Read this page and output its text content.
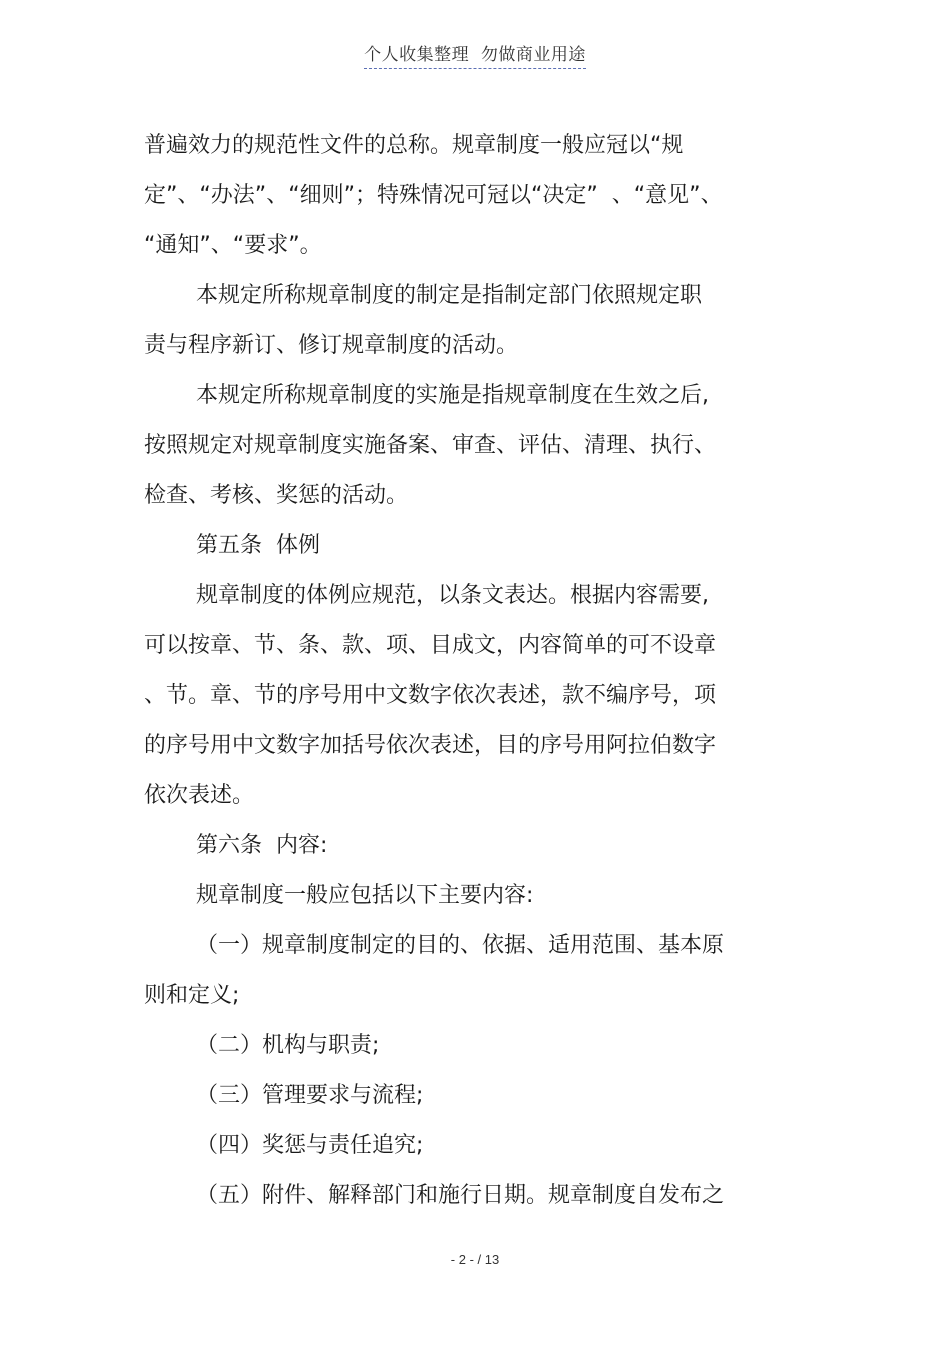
个人收集整理  勿做商业用途
普遍效力的规范性文件的总称。规章制度一般应冠以“规
定”、“办法”、“细则”；特殊情况可冠以“决定”  、“意见”、
“通知”、“要求”。
本规定所称规章制度的制定是指制定部门依照规定职
责与程序新订、修订规章制度的活动。
本规定所称规章制度的实施是指规章制度在生效之后,
按照规定对规章制度实施备案、审查、评估、清理、执行、
检查、考核、奖惩的活动。
第五条  体例
规章制度的体例应规范，以条文表达。根据内容需要,
可以按章、节、条、款、项、目成文，内容简单的可不设章
、节。章、节的序号用中文数字依次表述，款不编序号，项
的序号用中文数字加括号依次表述，目的序号用阿拉伯数字
依次表述。
第六条  内容:
规章制度一般应包括以下主要内容:
（一）规章制度制定的目的、依据、适用范围、基本原
则和定义;
（二）机构与职责;
（三）管理要求与流程;
（四）奖惩与责任追究;
（五）附件、解释部门和施行日期。规章制度自发布之
- 2 - / 13
